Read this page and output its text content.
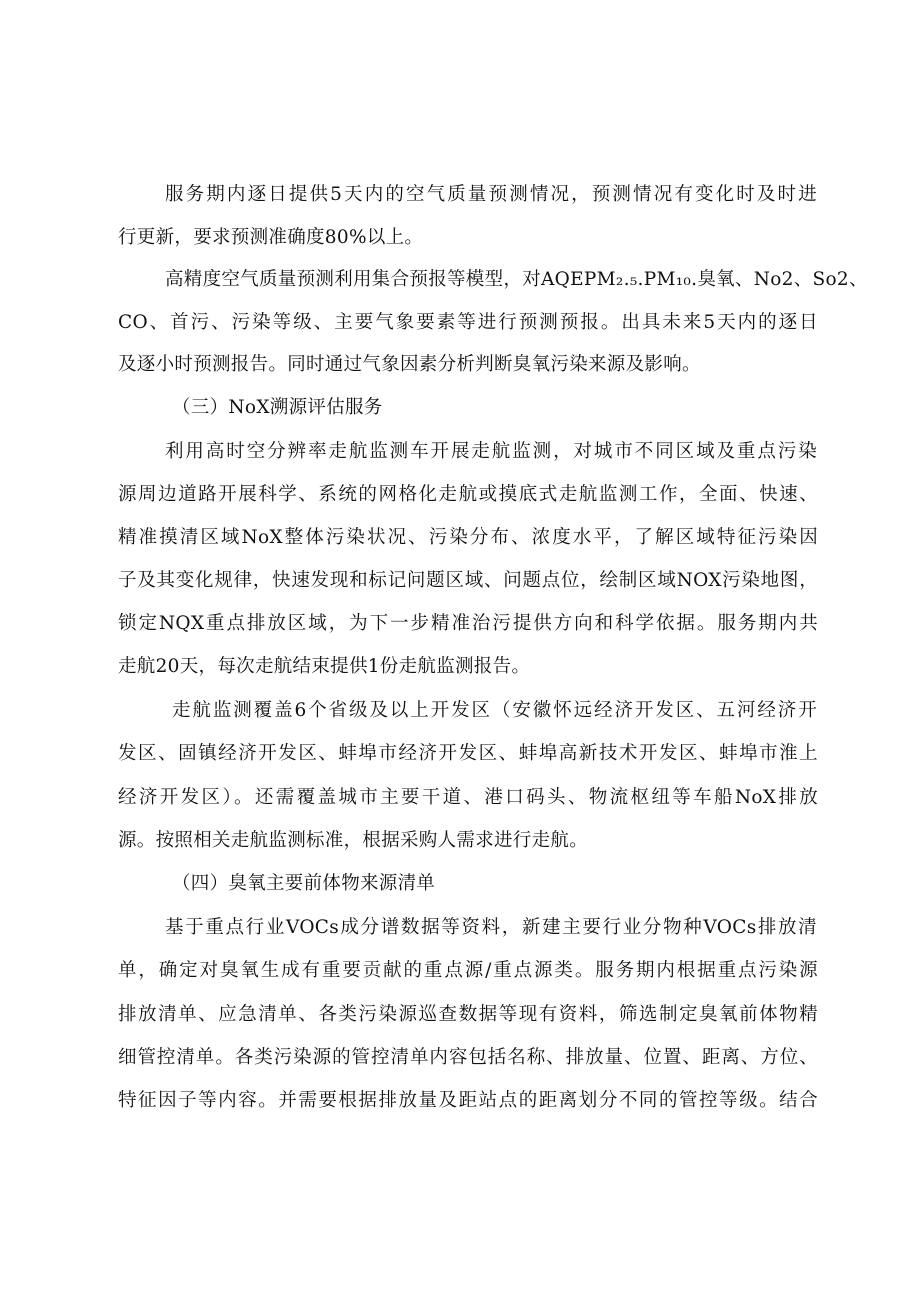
服务期内逐日提供5天内的空气质量预测情况，预测情况有变化时及时进
行更新，要求预测准确度80%以上。
高精度空气质量预测利用集合预报等模型，对AQEPM₂.₅.PM₁₀.臭氧、No2、So2、
CO、首污、污染等级、主要气象要素等进行预测预报。出具未来5天内的逐日
及逐小时预测报告。同时通过气象因素分析判断臭氧污染来源及影响。
（三）NoX溯源评估服务
利用高时空分辨率走航监测车开展走航监测，对城市不同区域及重点污染
源周边道路开展科学、系统的网格化走航或摸底式走航监测工作，全面、快速、
精准摸清区域NoX整体污染状况、污染分布、浓度水平，了解区域特征污染因
子及其变化规律，快速发现和标记问题区域、问题点位，绘制区域NOX污染地图，
锁定NQX重点排放区域，为下一步精准治污提供方向和科学依据。服务期内共
走航20天，每次走航结束提供1份走航监测报告。
走航监测覆盖6个省级及以上开发区（安徽怀远经济开发区、五河经济开
发区、固镇经济开发区、蚌埠市经济开发区、蚌埠高新技术开发区、蚌埠市淮上
经济开发区）。还需覆盖城市主要干道、港口码头、物流枢纽等车船NoX排放
源。按照相关走航监测标准，根据采购人需求进行走航。
（四）臭氧主要前体物来源清单
基于重点行业VOCs成分谱数据等资料，新建主要行业分物种VOCs排放清
单，确定对臭氧生成有重要贡献的重点源/重点源类。服务期内根据重点污染源
排放清单、应急清单、各类污染源巡查数据等现有资料，筛选制定臭氧前体物精
细管控清单。各类污染源的管控清单内容包括名称、排放量、位置、距离、方位、
特征因子等内容。并需要根据排放量及距站点的距离划分不同的管控等级。结合
